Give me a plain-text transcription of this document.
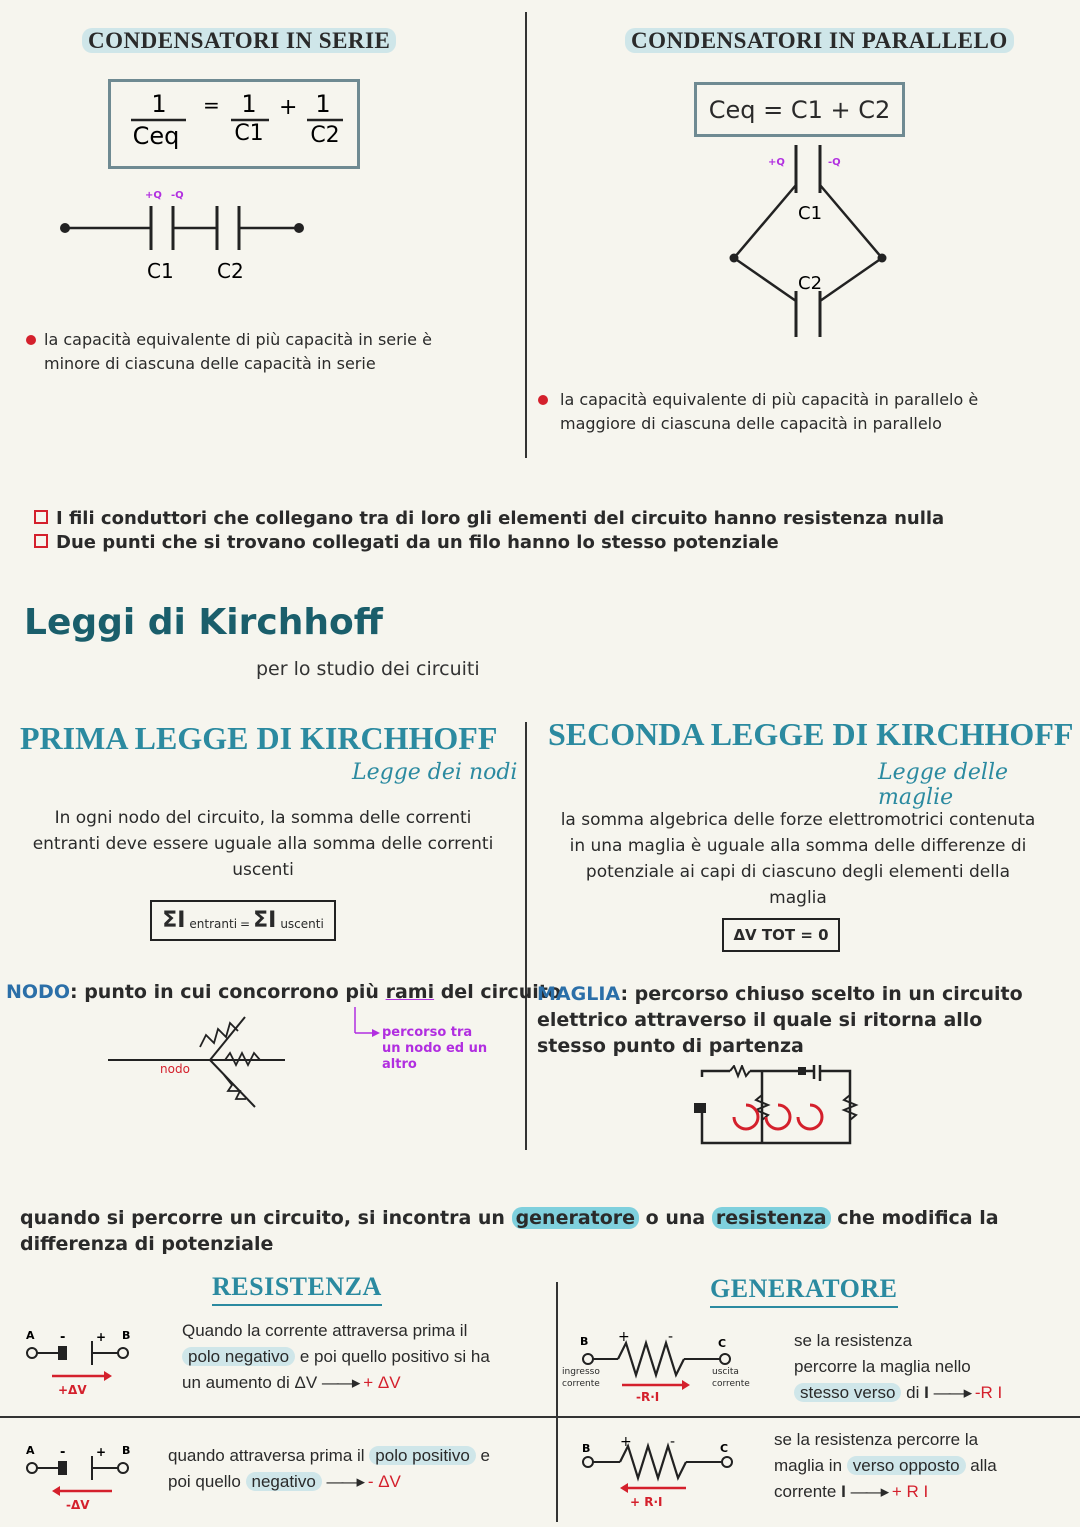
CONDENSATORI IN SERIE
1
Ceq
= 1
C1
+ 1
C2
+Q -Q
C1 C2
la capacità equivalente di più capacità in serie è minore di ciascuna delle capacità in serie
CONDENSATORI IN PARALLELO
Ceq = C1 + C2
+Q	-Q
C1
C2
la capacità equivalente di più capacità in parallelo è maggiore di ciascuna delle capacità in parallelo
I fili conduttori che collegano tra di loro gli elementi del circuito hanno resistenza nulla
Due punti che si trovano collegati da un filo hanno lo stesso potenziale
Leggi di Kirchhoff
per lo studio dei circuiti
PRIMA LEGGE DI KIRCHHOFF
Legge dei nodi
In ogni nodo del circuito, la somma delle correnti entranti deve essere uguale alla somma delle correnti uscenti
ΣI entranti = ΣI uscenti
NODO: punto in cui concorrono più rami del circuito
nodo
percorso tra un nodo ed un altro
SECONDA LEGGE DI KIRCHHOFF
Legge delle maglie
la somma algebrica delle forze elettromotrici contenuta in una maglia è uguale alla somma delle differenze di potenziale ai capi di ciascuno degli elementi della maglia
ΔV TOT = 0
MAGLIA: percorso chiuso scelto in un circuito elettrico attraverso il quale si ritorna allo stesso punto di partenza
quando si percorre un circuito, si incontra un generatore o una resistenza che modifica la differenza di potenziale
RESISTENZA	GENERATORE
A	B
-	+
+ΔV
Quando la corrente attraversa prima il
polo negativo e poi quello positivo si ha
un aumento di ΔV ——▸ + ΔV
A	B
-	+
-ΔV
quando attraversa prima il polo positivo e
poi quello negativo ——▸ - ΔV
B	C
+	-
-R·I
ingresso corrente
uscita corrente
se la resistenza
percorre la maglia nello
stesso verso di I ——▸ -R I
B	C
+	-
+ R·I
se la resistenza percorre la
maglia in verso opposto alla
corrente I ——▸ + R I
